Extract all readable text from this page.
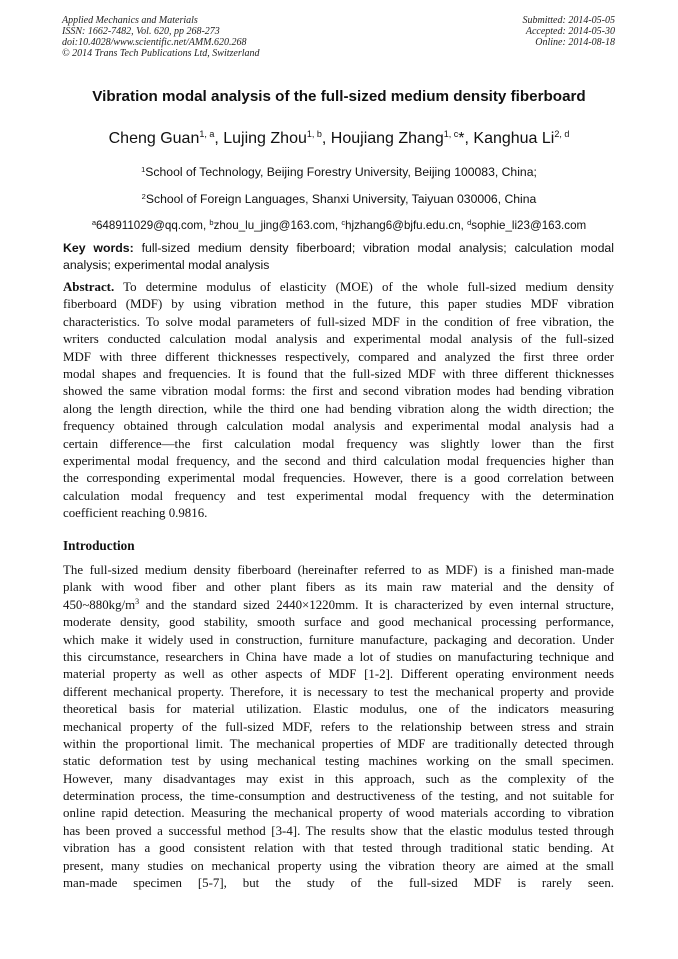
Applied Mechanics and Materials
ISSN: 1662-7482, Vol. 620, pp 268-273
doi:10.4028/www.scientific.net/AMM.620.268
© 2014 Trans Tech Publications Ltd, Switzerland
Submitted: 2014-05-05
Accepted: 2014-05-30
Online: 2014-08-18
Vibration modal analysis of the full-sized medium density fiberboard
Cheng Guan$^{1, a}$, Lujing Zhou$^{1, b}$, Houjiang Zhang$^{1, c}$*, Kanghua Li$^{2, d}$
$^1$School of Technology, Beijing Forestry University, Beijing 100083, China;
$^2$School of Foreign Languages, Shanxi University, Taiyuan 030006, China
$^a$648911029@qq.com, $^b$zhou_lu_jing@163.com, $^c$hjzhang6@bjfu.edu.cn, $^d$sophie_li23@163.com
Key words: full-sized medium density fiberboard; vibration modal analysis; calculation modal
analysis; experimental modal analysis
Abstract. To determine modulus of elasticity (MOE) of the whole full-sized medium density
fiberboard (MDF) by using vibration method in the future, this paper studies MDF vibration
characteristics. To solve modal parameters of full-sized MDF in the condition of free vibration, the
writers conducted calculation modal analysis and experimental modal analysis of the full-sized
MDF with three different thicknesses respectively, compared and analyzed the first three order
modal shapes and frequencies. It is found that the full-sized MDF with three different thicknesses
showed the same vibration modal forms: the first and second vibration modes had bending vibration
along the length direction, while the third one had bending vibration along the width direction; the
frequency obtained through calculation modal analysis and experimental modal analysis had a
certain difference—the first calculation modal frequency was slightly lower than the first
experimental modal frequency, and the second and third calculation modal frequencies higher than
the corresponding experimental modal frequencies. However, there is a good correlation between
calculation modal frequency and test experimental modal frequency with the determination
coefficient reaching 0.9816.
Introduction
The full-sized medium density fiberboard (hereinafter referred to as MDF) is a finished man-made
plank with wood fiber and other plant fibers as its main raw material and the density of
$450\sim 880kg/m^3$ and the standard sized 2440×1220mm. It is characterized by even internal structure,
moderate density, good stability, smooth surface and good mechanical processing performance,
which make it widely used in construction, furniture manufacture, packaging and decoration. Under
this circumstance, researchers in China have made a lot of studies on manufacturing technique and
material property as well as other aspects of MDF [1-2]. Different operating environment needs
different mechanical property. Therefore, it is necessary to test the mechanical property and provide
theoretical basis for material utilization. Elastic modulus, one of the indicators measuring
mechanical property of the full-sized MDF, refers to the relationship between stress and strain
within the proportional limit. The mechanical properties of MDF are traditionally detected through
static deformation test by using mechanical testing machines working on the small specimen.
However, many disadvantages may exist in this approach, such as the complexity of the
determination process, the time-consumption and destructiveness of the testing, and not suitable for
online rapid detection. Measuring the mechanical property of wood materials according to vibration
has been proved a successful method [3-4]. The results show that the elastic modulus tested through
vibration has a good consistent relation with that tested through traditional static bending. At
present, many studies on mechanical property using the vibration theory are aimed at the small
man-made specimen [5-7], but the study of the full-sized MDF is rarely seen.
